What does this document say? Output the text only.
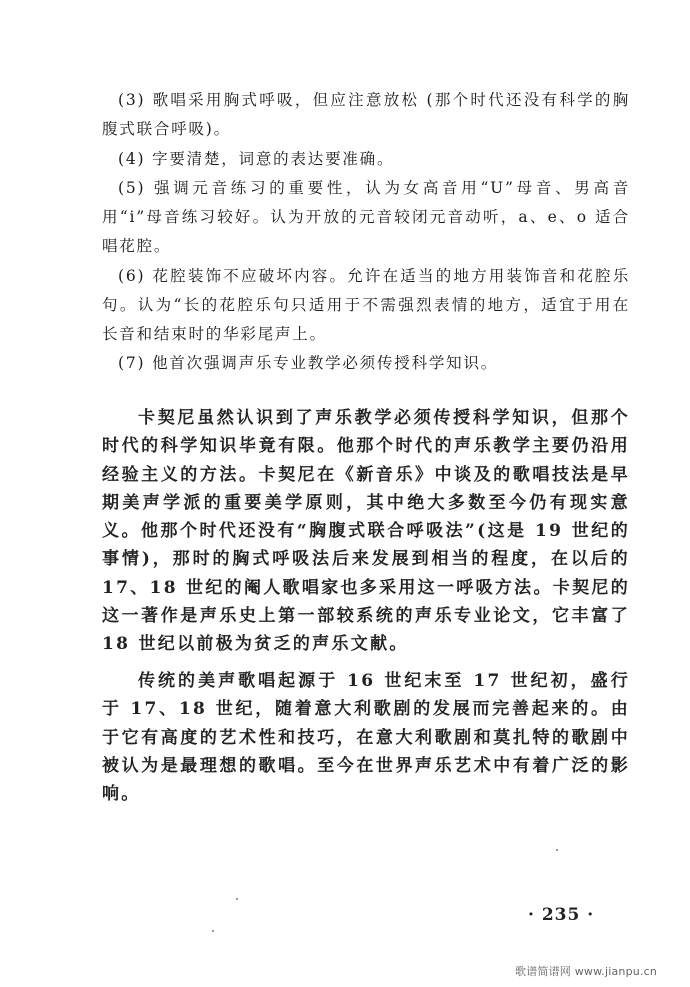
(3) 歌唱采用胸式呼吸，但应注意放松 (那个时代还没有科学的胸腹式联合呼吸)。

(4) 字要清楚，词意的表达要准确。

(5) 强调元音练习的重要性，认为女高音用“U”母音、男高音用“i”母音练习较好。认为开放的元音较闭元音动听，a、e、o 适合唱花腔。

(6) 花腔装饰不应破坏内容。允许在适当的地方用装饰音和花腔乐句。认为“长的花腔乐句只适用于不需强烈表情的地方，适宜于用在长音和结束时的华彩尾声上。

(7) 他首次强调声乐专业教学必须传授科学知识。

卡契尼虽然认识到了声乐教学必须传授科学知识，但那个时代的科学知识毕竟有限。他那个时代的声乐教学主要仍沿用经验主义的方法。卡契尼在《新音乐》中谈及的歌唱技法是早期美声学派的重要美学原则，其中绝大多数至今仍有现实意义。他那个时代还没有“胸腹式联合呼吸法”(这是 19 世纪的事情)，那时的胸式呼吸法后来发展到相当的程度，在以后的 17、18 世纪的阉人歌唱家也多采用这一呼吸方法。卡契尼的这一著作是声乐史上第一部较系统的声乐专业论文，它丰富了 18 世纪以前极为贫乏的声乐文献。

传统的美声歌唱起源于 16 世纪末至 17 世纪初，盛行于 17、18 世纪，随着意大利歌剧的发展而完善起来的。由于它有高度的艺术性和技巧，在意大利歌剧和莫扎特的歌剧中被认为是最理想的歌唱。至今在世界声乐艺术中有着广泛的影响。

· 235 ·
歌谱简谱网 www.jianpu.cn
